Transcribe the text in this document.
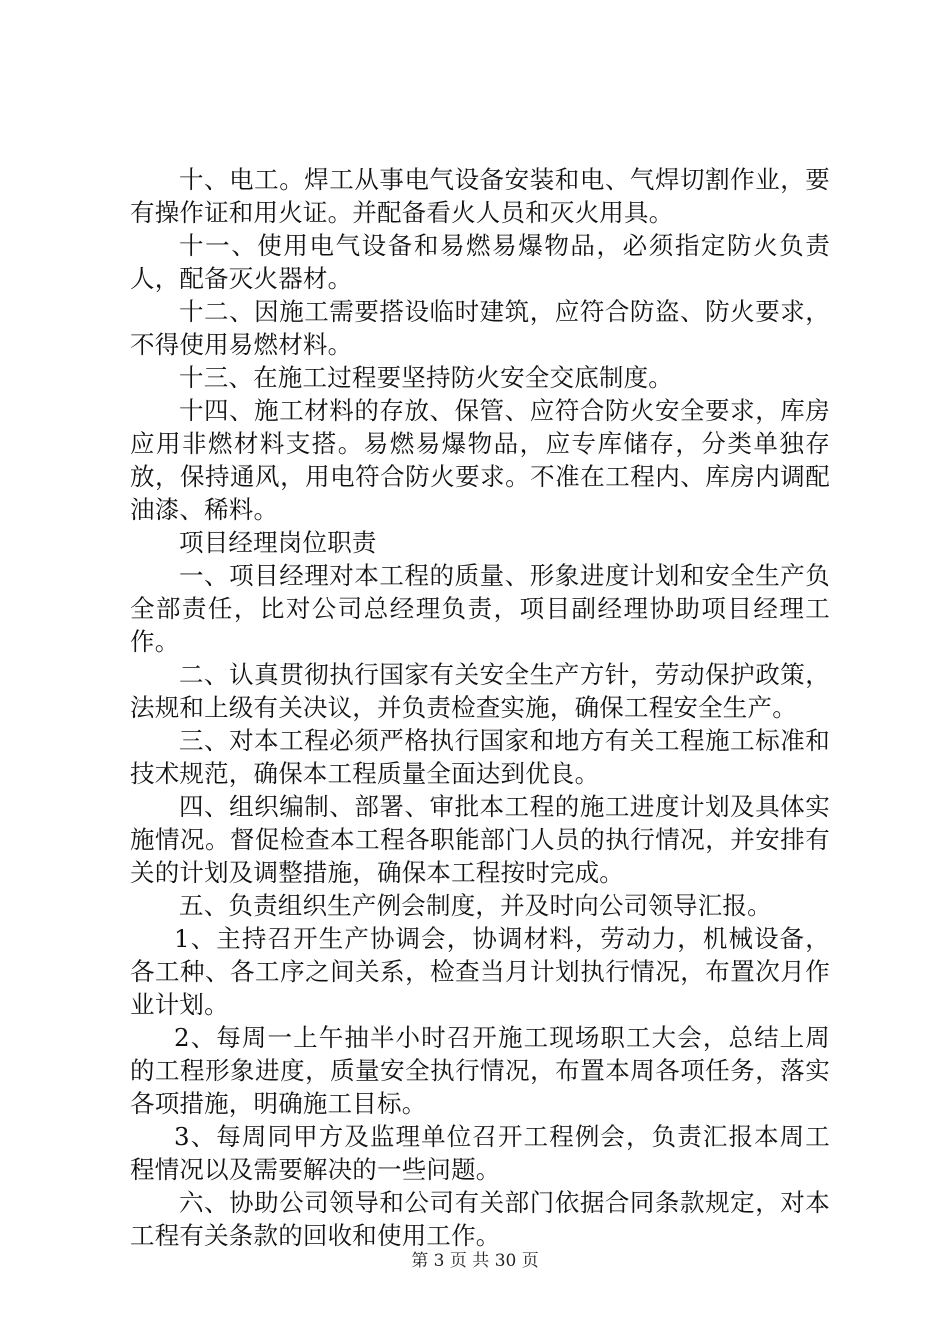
十、电工。焊工从事电气设备安装和电、气焊切割作业，要有操作证和用火证。并配备看火人员和灭火用具。

十一、使用电气设备和易燃易爆物品，必须指定防火负责人，配备灭火器材。

十二、因施工需要搭设临时建筑，应符合防盗、防火要求，不得使用易燃材料。

十三、在施工过程要坚持防火安全交底制度。

十四、施工材料的存放、保管、应符合防火安全要求，库房应用非燃材料支搭。易燃易爆物品，应专库储存，分类单独存放，保持通风，用电符合防火要求。不准在工程内、库房内调配油漆、稀料。

项目经理岗位职责

一、项目经理对本工程的质量、形象进度计划和安全生产负全部责任，比对公司总经理负责，项目副经理协助项目经理工作。

二、认真贯彻执行国家有关安全生产方针，劳动保护政策，法规和上级有关决议，并负责检查实施，确保工程安全生产。

三、对本工程必须严格执行国家和地方有关工程施工标准和技术规范，确保本工程质量全面达到优良。

四、组织编制、部署、审批本工程的施工进度计划及具体实施情况。督促检查本工程各职能部门人员的执行情况，并安排有关的计划及调整措施，确保本工程按时完成。

五、负责组织生产例会制度，并及时向公司领导汇报。

1、主持召开生产协调会，协调材料，劳动力，机械设备，各工种、各工序之间关系，检查当月计划执行情况，布置次月作业计划。

2、每周一上午抽半小时召开施工现场职工大会，总结上周的工程形象进度，质量安全执行情况，布置本周各项任务，落实各项措施，明确施工目标。

3、每周同甲方及监理单位召开工程例会，负责汇报本周工程情况以及需要解决的一些问题。

六、协助公司领导和公司有关部门依据合同条款规定，对本工程有关条款的回收和使用工作。

第 3 页 共 30 页
